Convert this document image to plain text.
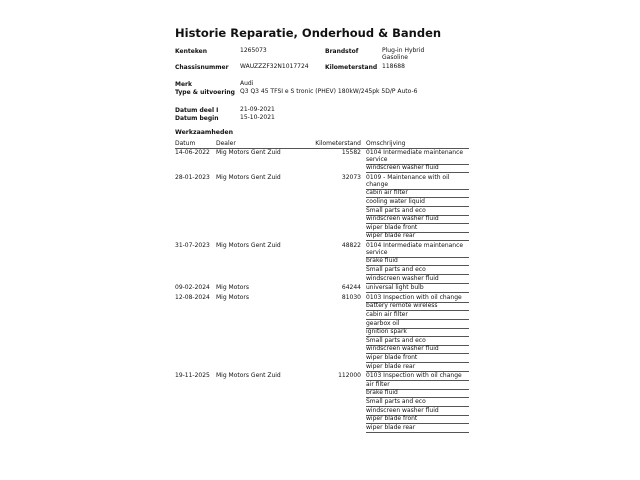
Historie Reparatie, Onderhoud & Banden
Kenteken	1265073	Brandstof	Plug-in Hybrid
Gasoline
Chassisnummer WAUZZZF32N1017724	Kilometerstand 118688
Merk	Audi
Type & uitvoering Q3 Q3 45 TFSI e S tronic (PHEV) 180kW/245pk 5D/P Auto-6
Datum deel I	21-09-2021
Datum begin	15-10-2021
Werkzaamheden
Datum	Dealer	Kilometerstand Omschrijving
14-06-2022 Mig Motors Gent Zuid	15582 0104 Intermediate maintenance service
windscreen washer fluid
28-01-2023 Mig Motors Gent Zuid	32073 0109 - Maintenance with oil change
cabin air filter
cooling water liquid
Small parts and eco
windscreen washer fluid
wiper blade front
wiper blade rear
31-07-2023 Mig Motors Gent Zuid	48822 0104 Intermediate maintenance service
brake fluid
Small parts and eco
windscreen washer fluid
09-02-2024 Mig Motors	64244 universal light bulb
12-08-2024 Mig Motors	81030 0103 Inspection with oil change
battery remote wireless
cabin air filter
gearbox oil
ignition spark
Small parts and eco
windscreen washer fluid
wiper blade front
wiper blade rear
19-11-2025 Mig Motors Gent Zuid	112000 0103 Inspection with oil change
air filter
brake fluid
Small parts and eco
windscreen washer fluid
wiper blade front
wiper blade rear
